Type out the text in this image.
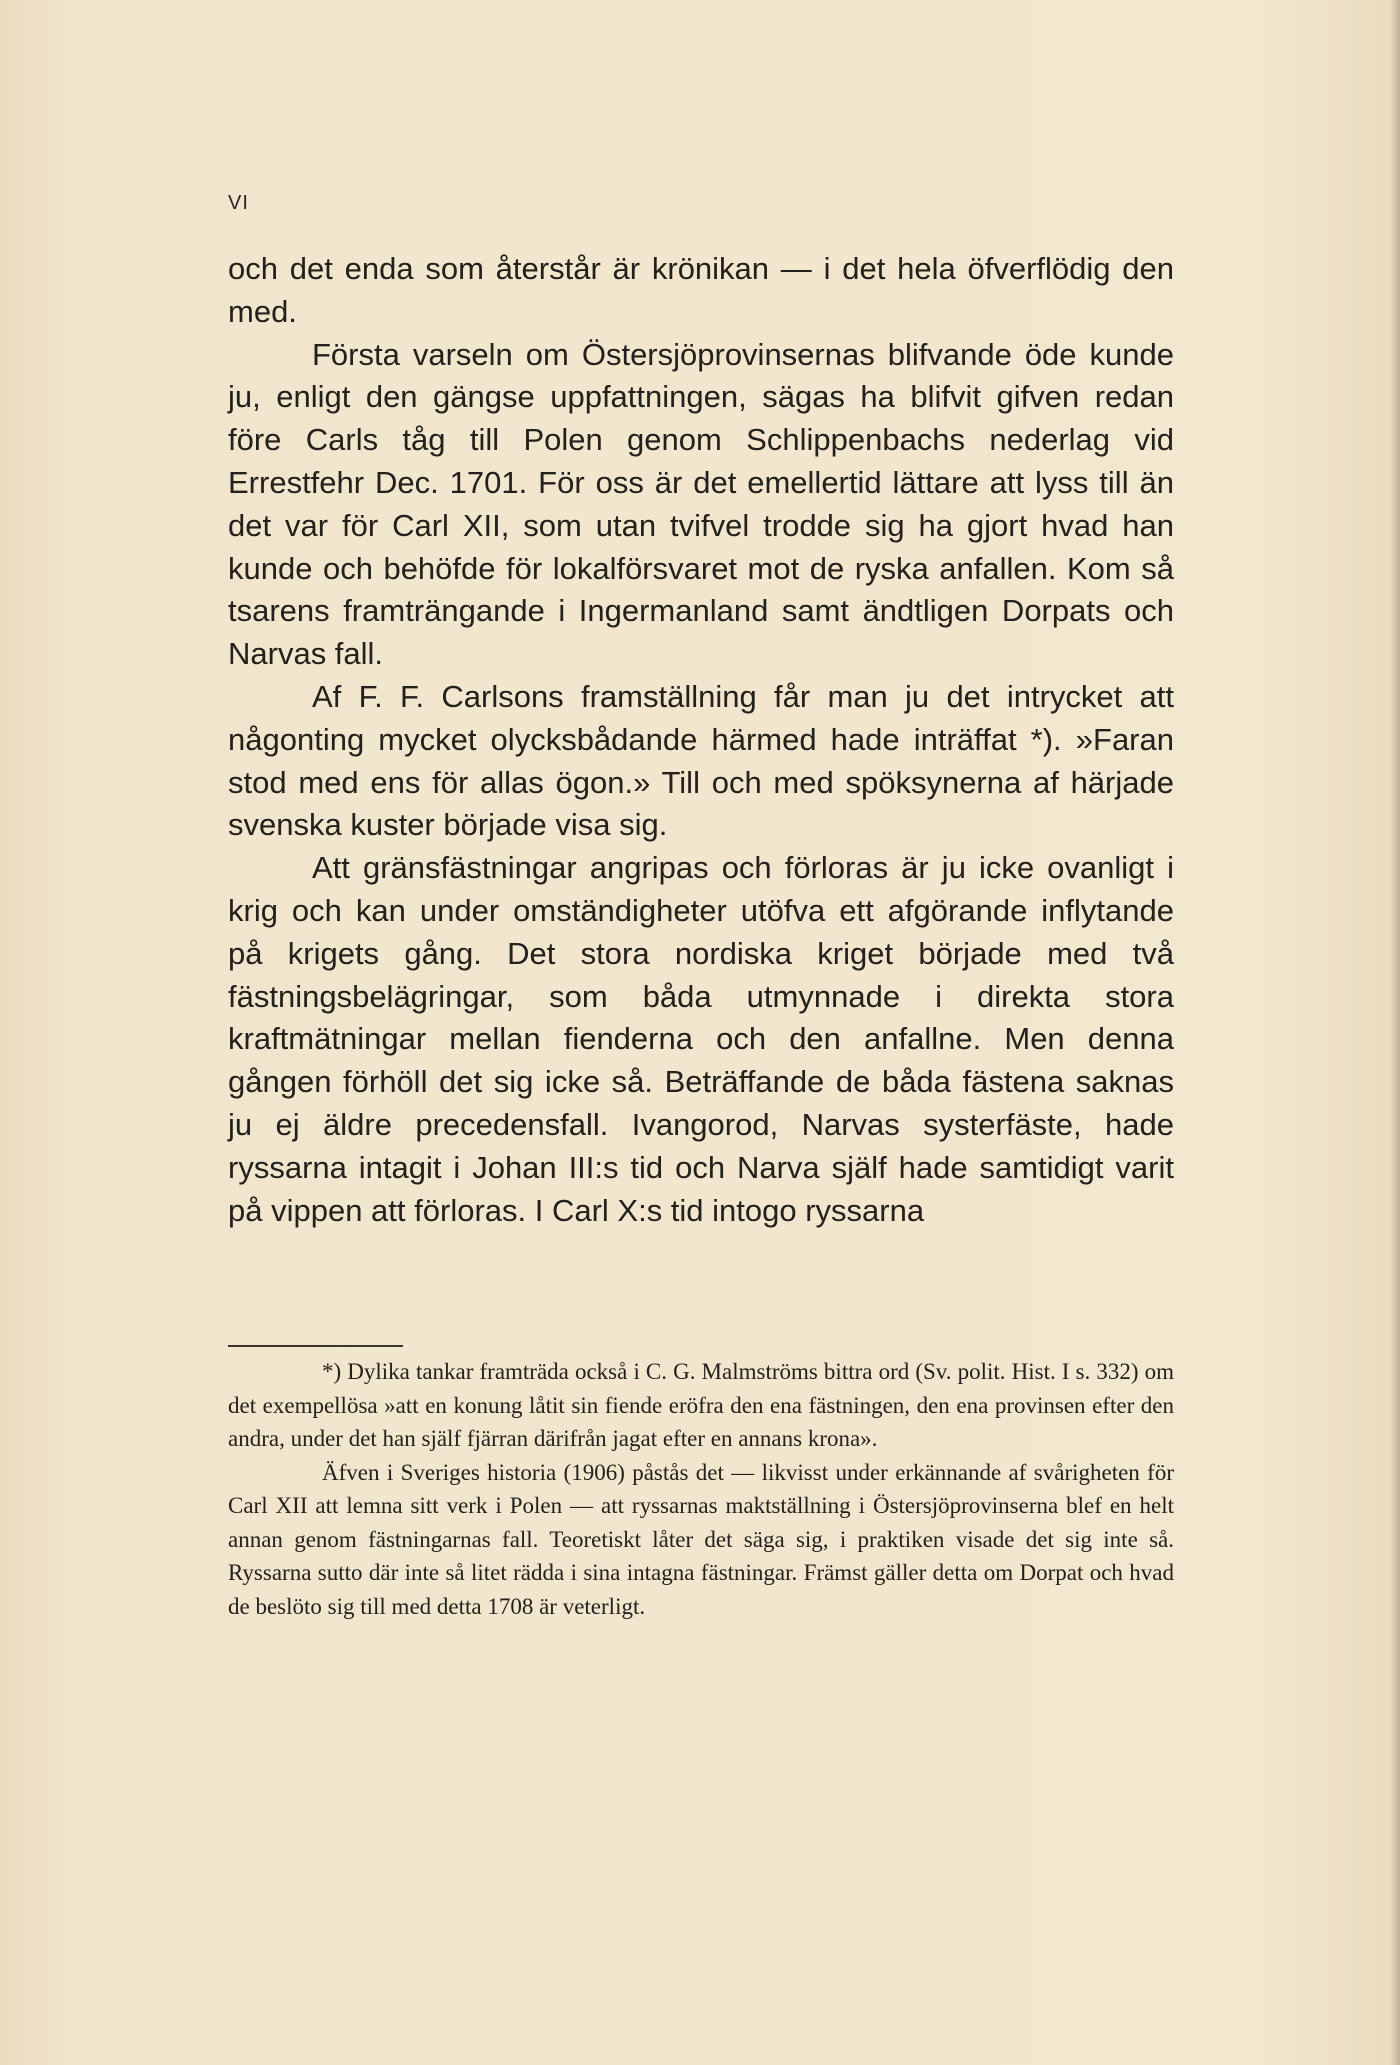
VI

och det enda som återstår är krönikan — i det hela öfverflödig den med.

Första varseln om Östersjöprovinsernas blifvande öde kunde ju, enligt den gängse uppfattningen, sägas ha blifvit gifven redan före Carls tåg till Polen genom Schlippenbachs nederlag vid Errestfehr Dec. 1701. För oss är det emellertid lättare att lyss till än det var för Carl XII, som utan tvifvel trodde sig ha gjort hvad han kunde och behöfde för lokalförsvaret mot de ryska anfallen. Kom så tsarens framträngande i Ingermanland samt ändtligen Dorpats och Narvas fall.

Af F. F. Carlsons framställning får man ju det intrycket att någonting mycket olycksbådande härmed hade inträffat *). »Faran stod med ens för allas ögon.» Till och med spöksynerna af härjade svenska kuster började visa sig.

Att gränsfästningar angripas och förloras är ju icke ovanligt i krig och kan under omständigheter utöfva ett afgörande inflytande på krigets gång. Det stora nordiska kriget började med två fästningsbelägringar, som båda utmynnade i direkta stora kraftmätningar mellan fienderna och den anfallne. Men denna gången förhöll det sig icke så. Beträffande de båda fästena saknas ju ej äldre precedensfall. Ivangorod, Narvas systerfäste, hade ryssarna intagit i Johan III:s tid och Narva själf hade samtidigt varit på vippen att förloras. I Carl X:s tid intogo ryssarna

*) Dylika tankar framträda också i C. G. Malmströms bittra ord (Sv. polit. Hist. I s. 332) om det exempellösa »att en konung låtit sin fiende eröfra den ena fästningen, den ena provinsen efter den andra, under det han själf fjärran därifrån jagat efter en annans krona».

Äfven i Sveriges historia (1906) påstås det — likvisst under erkännande af svårigheten för Carl XII att lemna sitt verk i Polen — att ryssarnas maktställning i Östersjöprovinserna blef en helt annan genom fästningarnas fall. Teoretiskt låter det säga sig, i praktiken visade det sig inte så. Ryssarna sutto där inte så litet rädda i sina intagna fästningar. Främst gäller detta om Dorpat och hvad de beslöto sig till med detta 1708 är veterligt.
